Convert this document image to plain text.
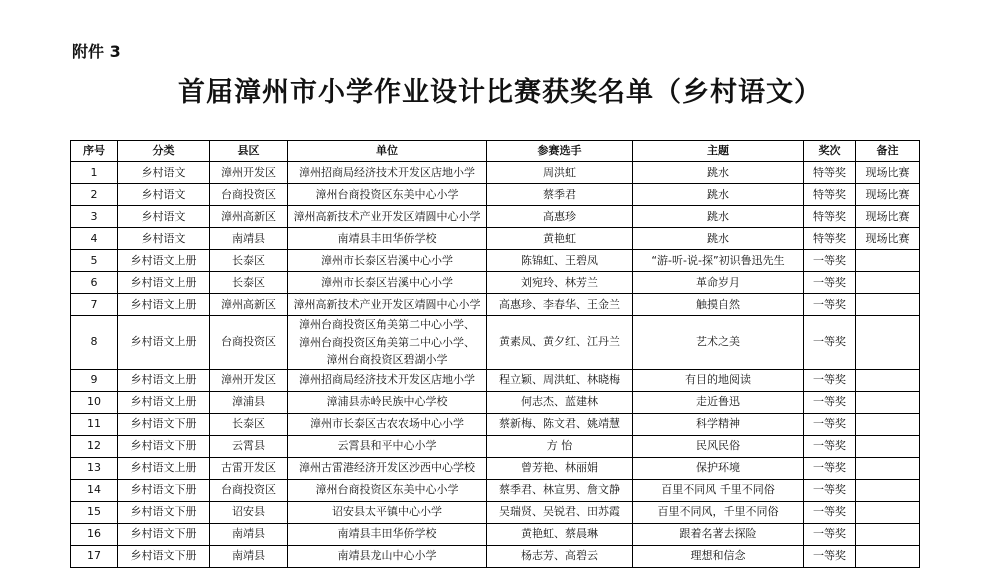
附件 3
首届漳州市小学作业设计比赛获奖名单（乡村语文）
序号	分类	县区	单位	参赛选手	主题	奖次	备注
1	乡村语文	漳州开发区	漳州招商局经济技术开发区店地小学	周洪虹	跳水	特等奖	现场比赛
2	乡村语文	台商投资区	漳州台商投资区东美中心小学	蔡季君	跳水	特等奖	现场比赛
3	乡村语文	漳州高新区	漳州高新技术产业开发区靖圆中心小学	高惠珍	跳水	特等奖	现场比赛
4	乡村语文	南靖县	南靖县丰田华侨学校	黄艳虹	跳水	特等奖	现场比赛
5	乡村语文上册	长泰区	漳州市长泰区岩溪中心小学	陈锦虹、王碧凤	“游-听-说-探”初识鲁迅先生	一等奖	
6	乡村语文上册	长泰区	漳州市长泰区岩溪中心小学	刘宛玲、林芳兰	革命岁月	一等奖	
7	乡村语文上册	漳州高新区	漳州高新技术产业开发区靖圆中心小学	高惠珍、李春华、王金兰	触摸自然	一等奖	
8	乡村语文上册	台商投资区	漳州台商投资区角美第二中心小学、
漳州台商投资区角美第二中心小学、
漳州台商投资区碧湖小学	黄素凤、黄夕红、江丹兰	艺术之美	一等奖	
9	乡村语文上册	漳州开发区	漳州招商局经济技术开发区店地小学	程立颖、周洪虹、林晓梅	有目的地阅读	一等奖	
10	乡村语文上册	漳浦县	漳浦县赤岭民族中心学校	何志杰、蓝建林	走近鲁迅	一等奖	
11	乡村语文下册	长泰区	漳州市长泰区古农农场中心小学	蔡新梅、陈文君、姚靖慧	科学精神	一等奖	
12	乡村语文下册	云霄县	云霄县和平中心小学	方 怡	民风民俗	一等奖	
13	乡村语文上册	古雷开发区	漳州古雷港经济开发区沙西中心学校	曾芳艳、林丽娟	保护环境	一等奖	
14	乡村语文下册	台商投资区	漳州台商投资区东美中心小学	蔡季君、林宣男、詹文静	百里不同风 千里不同俗	一等奖	
15	乡村语文下册	诏安县	诏安县太平镇中心小学	吴瑞贤、吴锐君、田苏霞	百里不同风，千里不同俗	一等奖	
16	乡村语文下册	南靖县	南靖县丰田华侨学校	黄艳虹、蔡晨琳	跟着名著去探险	一等奖	
17	乡村语文下册	南靖县	南靖县龙山中心小学	杨志芳、高碧云	理想和信念	一等奖	
